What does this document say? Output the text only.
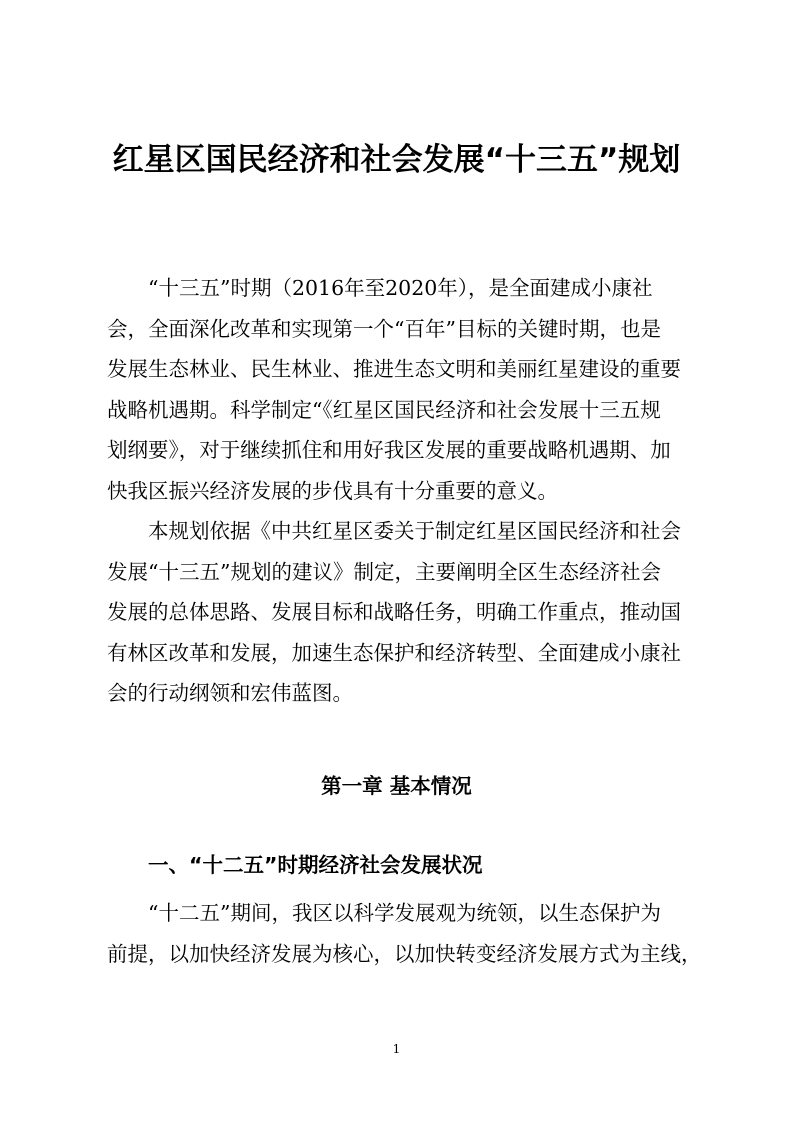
红星区国民经济和社会发展“十三五”规划
“十三五”时期（2016年至2020年），是全面建成小康社
会，全面深化改革和实现第一个“百年”目标的关键时期，也是
发展生态林业、民生林业、推进生态文明和美丽红星建设的重要
战略机遇期。科学制定“《红星区国民经济和社会发展十三五规
划纲要》，对于继续抓住和用好我区发展的重要战略机遇期、加
快我区振兴经济发展的步伐具有十分重要的意义。
本规划依据《中共红星区委关于制定红星区国民经济和社会
发展“十三五”规划的建议》制定，主要阐明全区生态经济社会
发展的总体思路、发展目标和战略任务，明确工作重点，推动国
有林区改革和发展，加速生态保护和经济转型、全面建成小康社
会的行动纲领和宏伟蓝图。
第一章 基本情况
一、“十二五”时期经济社会发展状况
“十二五”期间，我区以科学发展观为统领，以生态保护为
前提，以加快经济发展为核心，以加快转变经济发展方式为主线，
1
